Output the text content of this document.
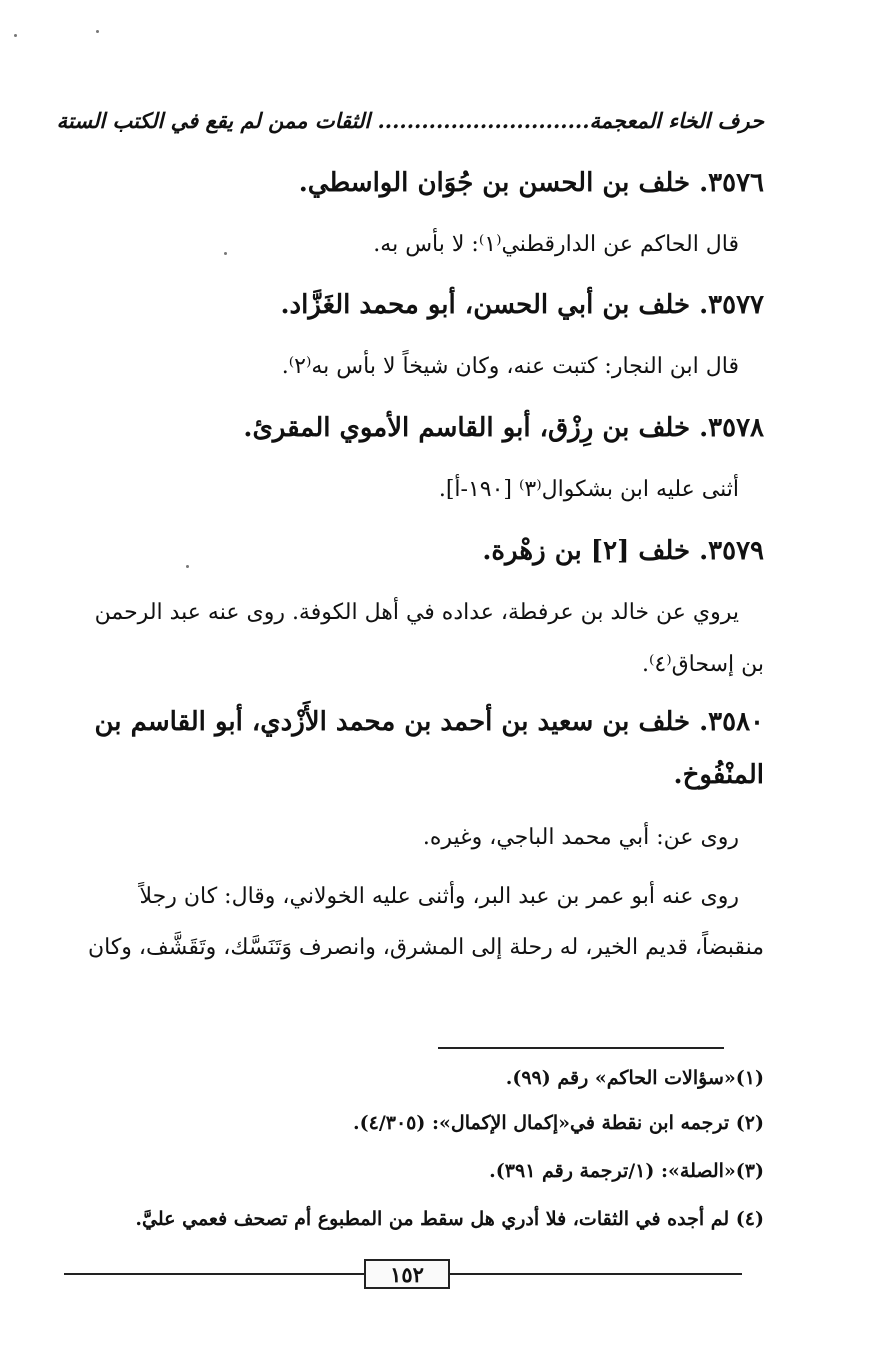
حرف الخاء المعجمة............................. الثقات ممن لم يقع في الكتب الستة
٣٥٧٦. خلف بن الحسن بن جُوَان الواسطي.
قال الحاكم عن الدارقطني⁽١⁾: لا بأس به.
٣٥٧٧. خلف بن أبي الحسن، أبو محمد الغَزَّاد.
قال ابن النجار: كتبت عنه، وكان شيخاً لا بأس به⁽٢⁾.
٣٥٧٨. خلف بن رِزْق، أبو القاسم الأموي المقرئ.
أثنى عليه ابن بشكوال⁽٣⁾ [١٩٠-أ].
٣٥٧٩. خلف [٢] بن زهْرة.
يروي عن خالد بن عرفطة، عداده في أهل الكوفة. روى عنه عبد الرحمن
بن إسحاق⁽٤⁾.
٣٥٨٠. خلف بن سعيد بن أحمد بن محمد الأَزْدي، أبو القاسم بن
المنْفُوخ.
روى عن: أبي محمد الباجي، وغيره.
روى عنه أبو عمر بن عبد البر، وأثنى عليه الخولاني، وقال: كان رجلاً
منقبضاً، قديم الخير، له رحلة إلى المشرق، وانصرف وَتَنَسَّك، وتَقَشَّف، وكان
(١)«سؤالات الحاكم» رقم (٩٩).
(٢) ترجمه ابن نقطة في«إكمال الإكمال»: (٤/٣٠٥).
(٣)«الصلة»: (١/ترجمة رقم ٣٩١).
(٤) لم أجده في الثقات، فلا أدري هل سقط من المطبوع أم تصحف فعمي عليَّ.
١٥٢
